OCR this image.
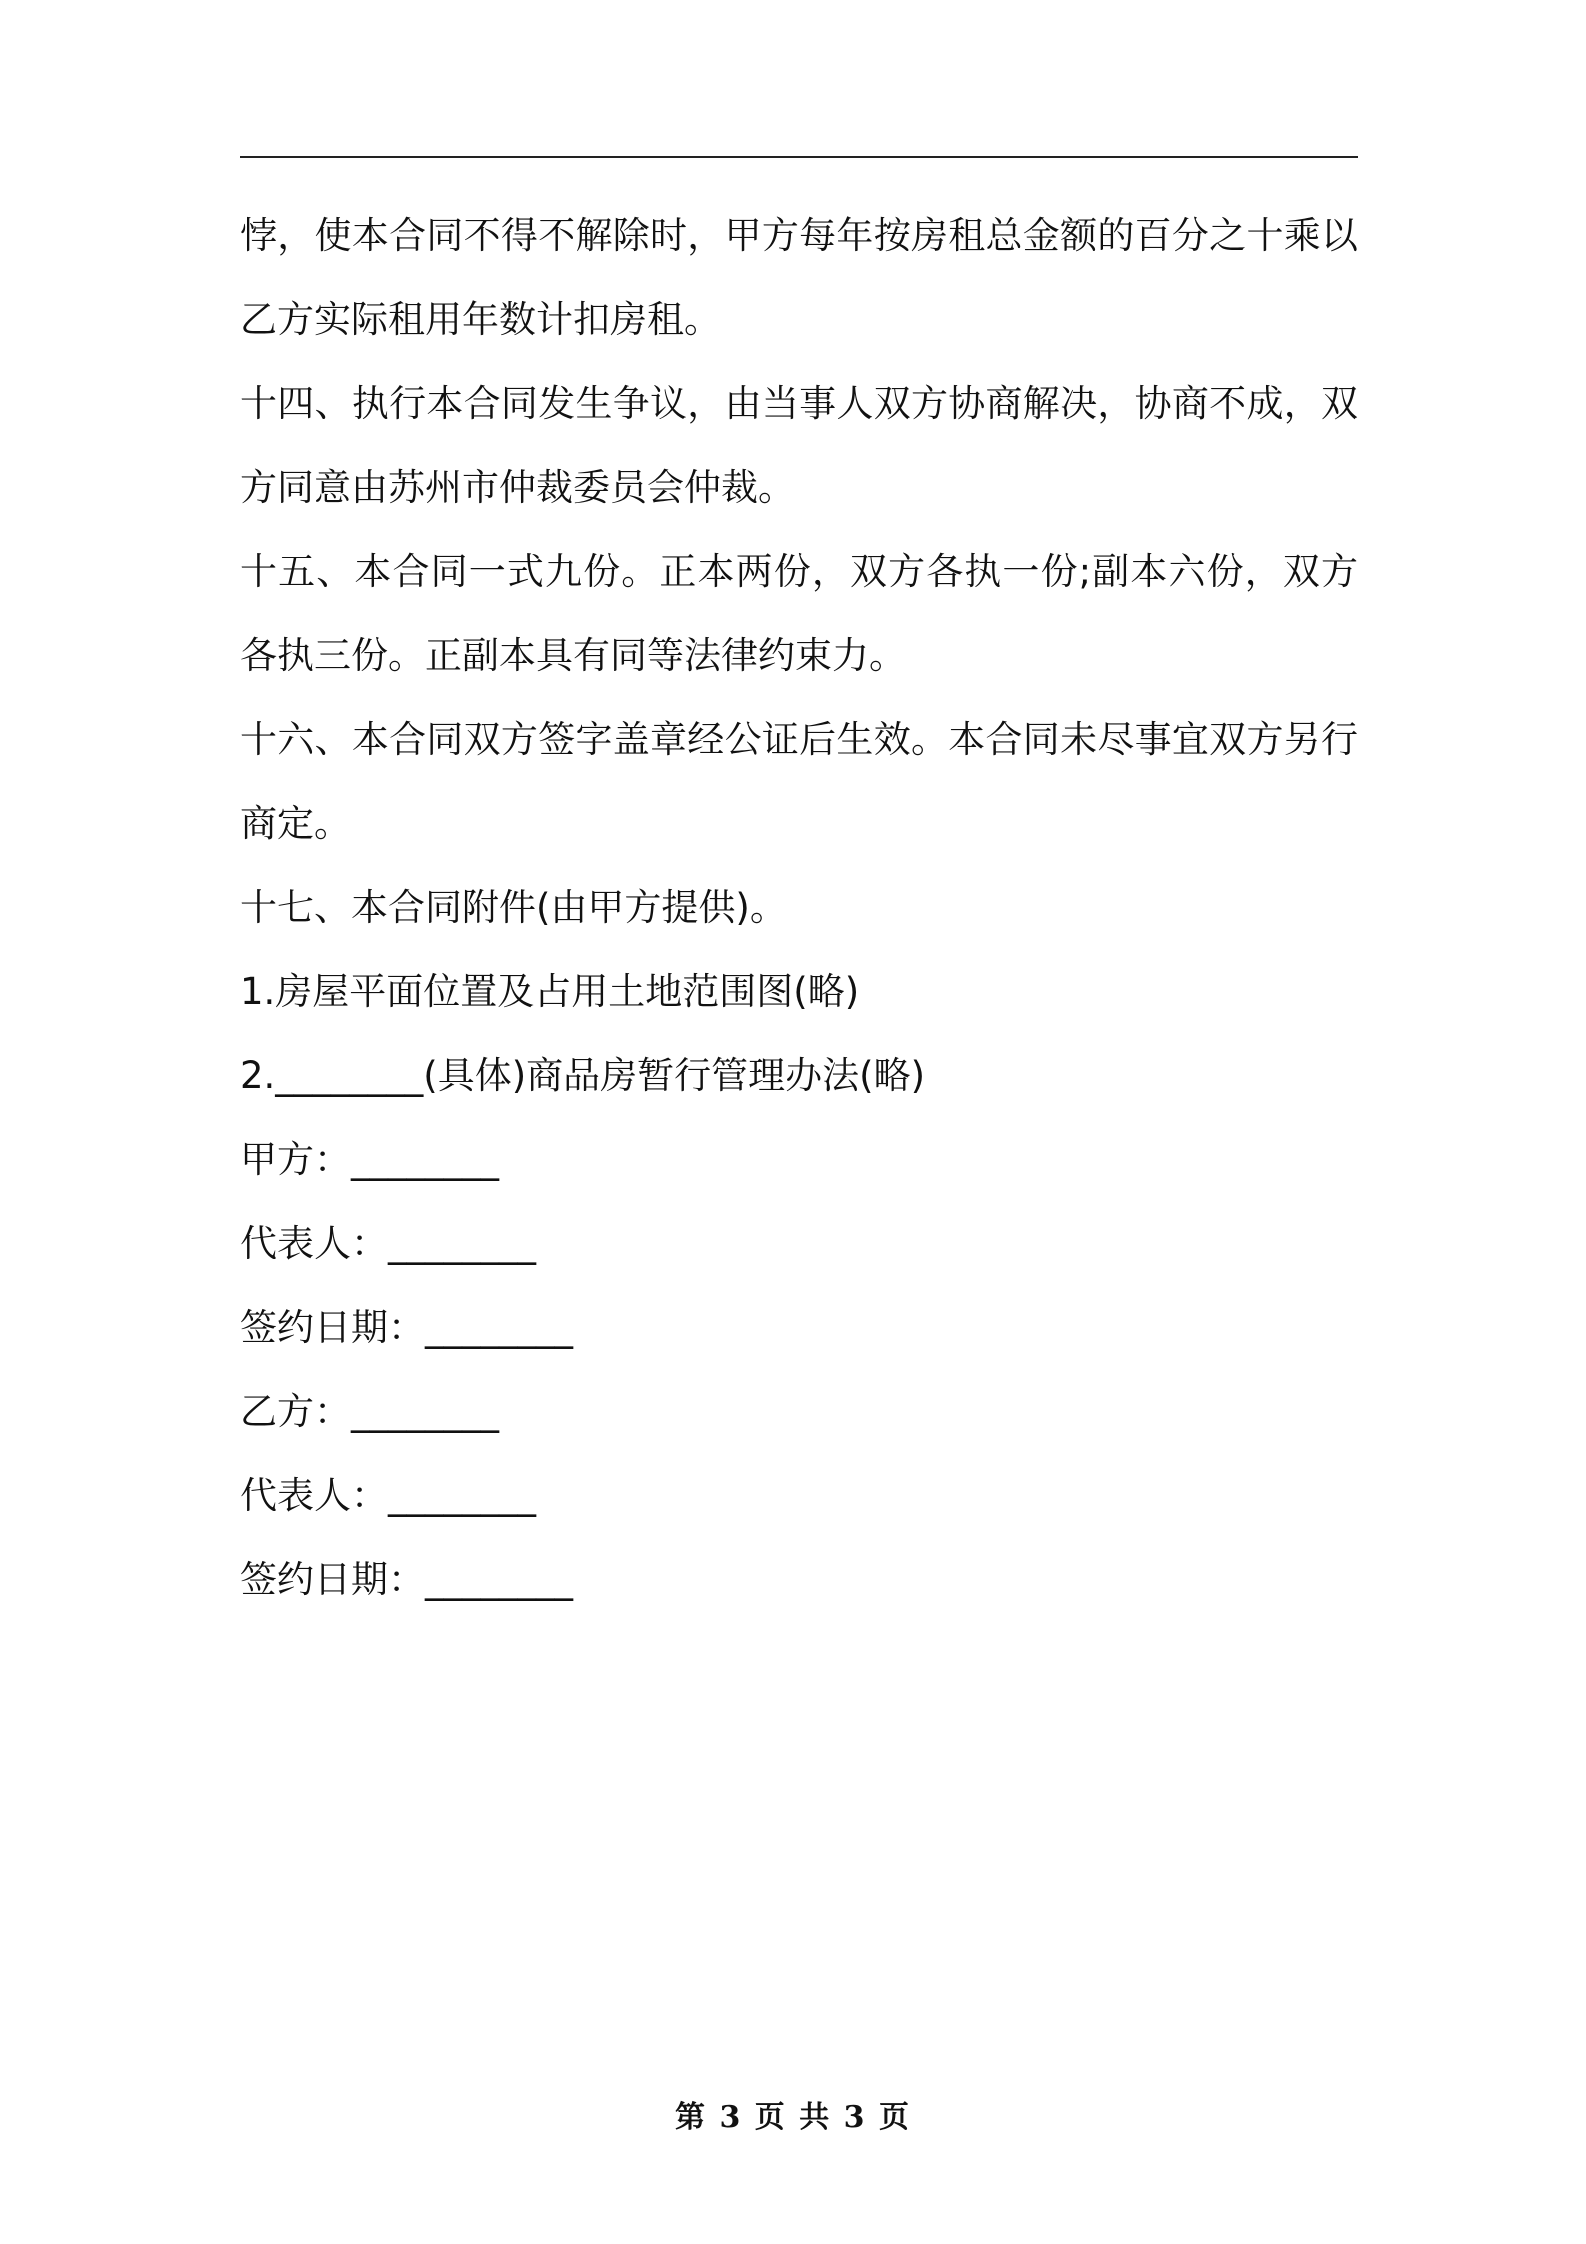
悖，使本合同不得不解除时，甲方每年按房租总金额的百分之十乘以乙方实际租用年数计扣房租。

十四、执行本合同发生争议，由当事人双方协商解决，协商不成，双方同意由苏州市仲裁委员会仲裁。

十五、本合同一式九份。正本两份，双方各执一份;副本六份，双方各执三份。正副本具有同等法律约束力。

十六、本合同双方签字盖章经公证后生效。本合同未尽事宜双方另行商定。

十七、本合同附件(由甲方提供)。

1.房屋平面位置及占用土地范围图(略)

2.________(具体)商品房暂行管理办法(略)

甲方：________

代表人：________

签约日期：________

乙方：________

代表人：________

签约日期：________

第 3 页 共 3 页
